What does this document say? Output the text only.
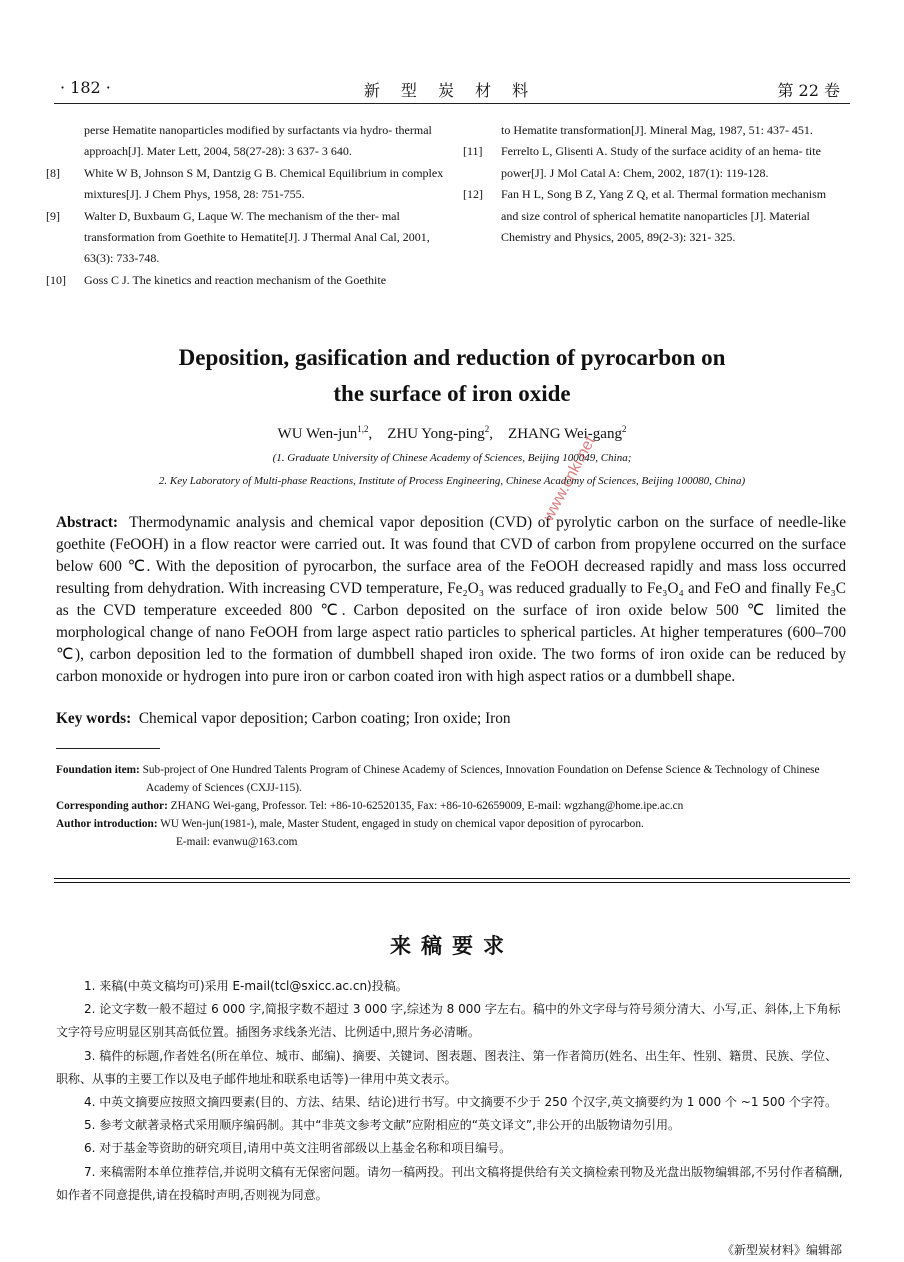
· 182 ·	新 型 炭 材 料	第 22 卷
perse Hematite nanoparticles modified by surfactants via hydro- thermal approach[J]. Mater Lett, 2004, 58(27-28): 3 637- 3 640.
[8] White W B, Johnson S M, Dantzig G B. Chemical Equilibrium in complex mixtures[J]. J Chem Phys, 1958, 28: 751-755.
[9] Walter D, Buxbaum G, Laque W. The mechanism of the ther- mal transformation from Goethite to Hematite[J]. J Thermal Anal Cal, 2001, 63(3): 733-748.
[10] Goss C J. The kinetics and reaction mechanism of the Goethite
to Hematite transformation[J]. Mineral Mag, 1987, 51: 437- 451.
[11] Ferrelto L, Glisenti A. Study of the surface acidity of an hema- tite power[J]. J Mol Catal A: Chem, 2002, 187(1): 119-128.
[12] Fan H L, Song B Z, Yang Z Q, et al. Thermal formation mechanism and size control of spherical hematite nanoparticles [J]. Material Chemistry and Physics, 2005, 89(2-3): 321- 325.
Deposition, gasification and reduction of pyrocarbon on
the surface of iron oxide
WU Wen-jun$^{1,2}$,    ZHU Yong-ping$^2$,    ZHANG Wei-gang$^2$
(1. Graduate University of Chinese Academy of Sciences, Beijing 100049, China;
2. Key Laboratory of Multi-phase Reactions, Institute of Process Engineering, Chinese Academy of Sciences, Beijing 100080, China)
Abstract: Thermodynamic analysis and chemical vapor deposition (CVD) of pyrolytic carbon on the surface of needle-like goethite (FeOOH) in a flow reactor were carried out. It was found that CVD of carbon from propylene occurred on the surface below 600 ℃. With the deposition of pyrocarbon, the surface area of the FeOOH decreased rapidly and mass loss occurred resulting from dehydration. With increasing CVD temperature, Fe₂O₃ was reduced gradually to Fe₃O₄ and FeO and finally Fe₃C as the CVD temperature exceeded 800 ℃. Carbon deposited on the surface of iron oxide below 500 ℃ limited the morphological change of nano FeOOH from large aspect ratio particles to spherical particles. At higher temperatures (600–700 ℃), carbon deposition led to the formation of dumbbell shaped iron oxide. The two forms of iron oxide can be reduced by carbon monoxide or hydrogen into pure iron or carbon coated iron with high aspect ratios or a dumbbell shape.
Key words: Chemical vapor deposition; Carbon coating; Iron oxide; Iron
Foundation item: Sub-project of One Hundred Talents Program of Chinese Academy of Sciences, Innovation Foundation on Defense Science & Technology of Chinese Academy of Sciences (CXJJ-115).
Corresponding author: ZHANG Wei-gang, Professor. Tel: +86-10-62520135, Fax: +86-10-62659009, E-mail: wgzhang@home.ipe.ac.cn
Author introduction: WU Wen-jun(1981-), male, Master Student, engaged in study on chemical vapor deposition of pyrocarbon.
E-mail: evanwu@163.com
www.cnki.net
来稿要求

1. 来稿(中英文稿均可)采用 E-mail(tcl@sxicc.ac.cn)投稿。

2. 论文字数一般不超过 6 000 字,简报字数不超过 3 000 字,综述为 8 000 字左右。稿中的外文字母与符号须分清大、小写,正、斜体,上下角标文字符号应明显区别其高低位置。插图务求线条光洁、比例适中,照片务必清晰。

3. 稿件的标题,作者姓名(所在单位、城市、邮编)、摘要、关键词、图表题、图表注、第一作者简历(姓名、出生年、性别、籍贯、民族、学位、职称、从事的主要工作以及电子邮件地址和联系电话等)一律用中英文表示。

4. 中英文摘要应按照文摘四要素(目的、方法、结果、结论)进行书写。中文摘要不少于 250 个汉字,英文摘要约为 1 000 个 ~1 500 个字符。

5. 参考文献著录格式采用顺序编码制。其中“非英文参考文献”应附相应的“英文译文”,非公开的出版物请勿引用。

6. 对于基金等资助的研究项目,请用中英文注明省部级以上基金名称和项目编号。

7. 来稿需附本单位推荐信,并说明文稿有无保密问题。请勿一稿两投。刊出文稿将提供给有关文摘检索刊物及光盘出版物编辑部,不另付作者稿酬,如作者不同意提供,请在投稿时声明,否则视为同意。

《新型炭材料》编辑部
